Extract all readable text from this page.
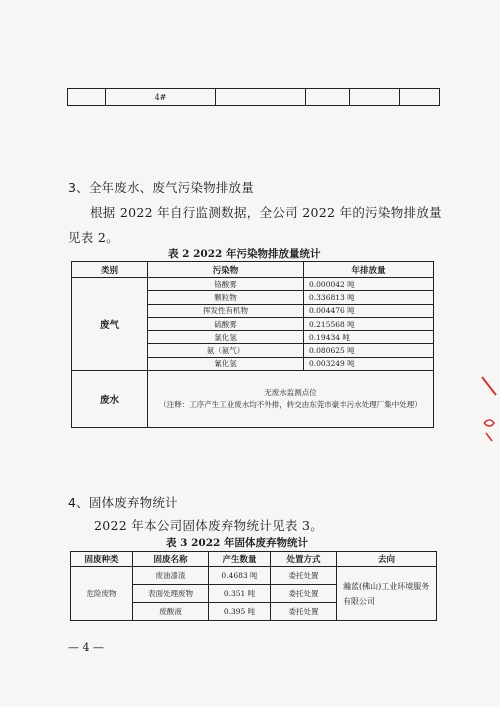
	4#				
3、全年废水、废气污染物排放量
根据 2022 年自行监测数据，全公司 2022 年的污染物排放量
见表 2。
表 2 2022 年污染物排放量统计
类别	污染物	年排放量
废气	铬酸雾	0.000042 吨
	颗粒物	0.336813 吨
	挥发性有机物	0.004476 吨
	硫酸雾	0.215568 吨
	氯化氢	0.19434 吨
	氨（氨气）	0.080625 吨
	氰化氢	0.003249 吨
废水	无废水监测点位
（注释：工序产生工业废水均不外排，转交由东莞市豪丰污水处理厂集中处理）	
4、固体废弃物统计
2022 年本公司固体废弃物统计见表 3。
表 3 2022 年固体废弃物统计
固废种类	固废名称	产生数量	处置方式	去向
危险废物	废油漆渣	0.4683 吨	委托处置	瀚蓝(佛山)工业环境服务有限公司
	表面处理废物	0.351 吨	委托处置	
	废酸液	0.395 吨	委托处置	
— 4 —
